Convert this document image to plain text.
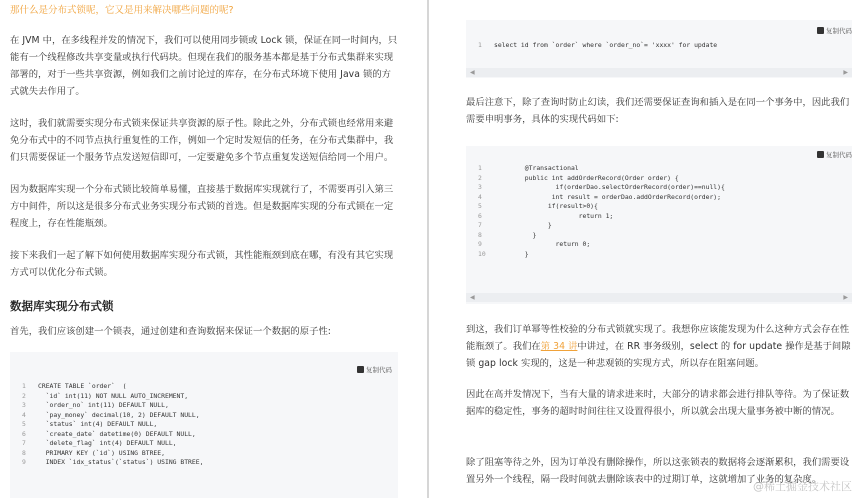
那什么是分布式锁呢，它又是用来解决哪些问题的呢?

在 JVM 中，在多线程并发的情况下，我们可以使用同步锁或 Lock 锁，保证在同一时间内，只能有一个线程修改共享变量或执行代码块。但现在我们的服务基本都是基于分布式集群来实现部署的，对于一些共享资源，例如我们之前讨论过的库存，在分布式环境下使用 Java 锁的方式就失去作用了。

这时，我们就需要实现分布式锁来保证共享资源的原子性。除此之外，分布式锁也经常用来避免分布式中的不同节点执行重复性的工作，例如一个定时发短信的任务，在分布式集群中，我们只需要保证一个服务节点发送短信即可，一定要避免多个节点重复发送短信给同一个用户。

因为数据库实现一个分布式锁比较简单易懂，直接基于数据库实现就行了，不需要再引入第三方中间件，所以这是很多分布式业务实现分布式锁的首选。但是数据库实现的分布式锁在一定程度上，存在性能瓶颈。

接下来我们一起了解下如何使用数据库实现分布式锁，其性能瓶颈到底在哪，有没有其它实现方式可以优化分布式锁。

数据库实现分布式锁

首先，我们应该创建一个锁表，通过创建和查询数据来保证一个数据的原子性:

复制代码
1 CREATE TABLE `order`  (
2  `id` int(11) NOT NULL AUTO_INCREMENT,
3  `order_no` int(11) DEFAULT NULL,
4  `pay_money` decimal(10, 2) DEFAULT NULL,
5  `status` int(4) DEFAULT NULL,
6  `create_date` datetime(0) DEFAULT NULL,
7  `delete_flag` int(4) DEFAULT NULL,
8  PRIMARY KEY (`id`) USING BTREE,
9  INDEX `idx_status`(`status`) USING BTREE,
复制代码
1 select id from `order` where `order_no`= 'xxxx' for update
◀	▶

最后注意下，除了查询时防止幻读，我们还需要保证查询和插入是在同一个事务中，因此我们需要申明事务，具体的实现代码如下:

复制代码
1        @Transactional
2        public int addOrderRecord(Order order) {
3                if(orderDao.selectOrderRecord(order)==null){
4               int result = orderDao.addOrderRecord(order);
5              if(result>0){
6                      return 1;
7              }
8          }
9                return 0;
10        }
◀	▶

到这，我们订单幂等性校验的分布式锁就实现了。我想你应该能发现为什么这种方式会存在性能瓶颈了。我们在第 34 讲中讲过，在 RR 事务级别，select 的 for update 操作是基于间隙锁 gap lock 实现的，这是一种悲观锁的实现方式，所以存在阻塞问题。

因此在高并发情况下，当有大量的请求进来时，大部分的请求都会进行排队等待。为了保证数据库的稳定性，事务的超时时间往往又设置得很小，所以就会出现大量事务被中断的情况。

除了阻塞等待之外，因为订单没有删除操作，所以这张锁表的数据将会逐渐累积，我们需要设置另外一个线程，隔一段时间就去删除该表中的过期订单，这就增加了业务的复杂度。

@稀土掘金技术社区
